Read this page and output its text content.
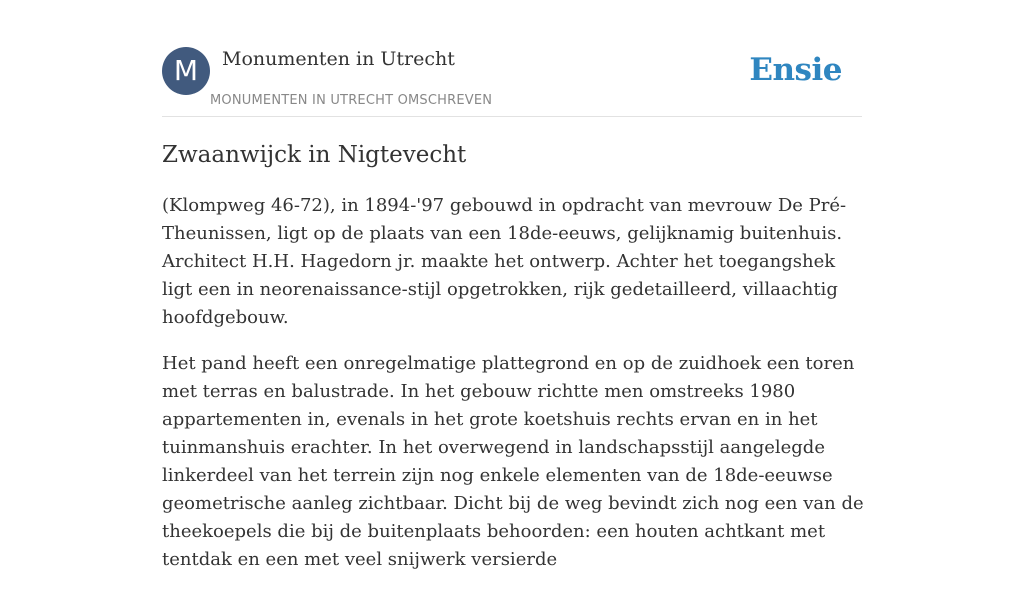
M	Monumenten in Utrecht
MONUMENTEN IN UTRECHT OMSCHREVEN
Ensie
Zwaanwijck in Nigtevecht

(Klompweg 46-72), in 1894-'97 gebouwd in opdracht van mevrouw De Pré-Theunissen, ligt op de plaats van een 18de-eeuws, gelijknamig buitenhuis. Architect H.H. Hagedorn jr. maakte het ontwerp. Achter het toegangshek ligt een in neorenaissance-stijl opgetrokken, rijk gedetailleerd, villaachtig hoofdgebouw.

Het pand heeft een onregelmatige plattegrond en op de zuidhoek een toren met terras en balustrade. In het gebouw richtte men omstreeks 1980 appartementen in, evenals in het grote koetshuis rechts ervan en in het tuinmanshuis erachter. In het overwegend in landschapsstijl aangelegde linkerdeel van het terrein zijn nog enkele elementen van de 18de-eeuwse geometrische aanleg zichtbaar. Dicht bij de weg bevindt zich nog een van de theekoepels die bij de buitenplaats behoorden: een houten achtkant met tentdak en een met veel snijwerk versierde
